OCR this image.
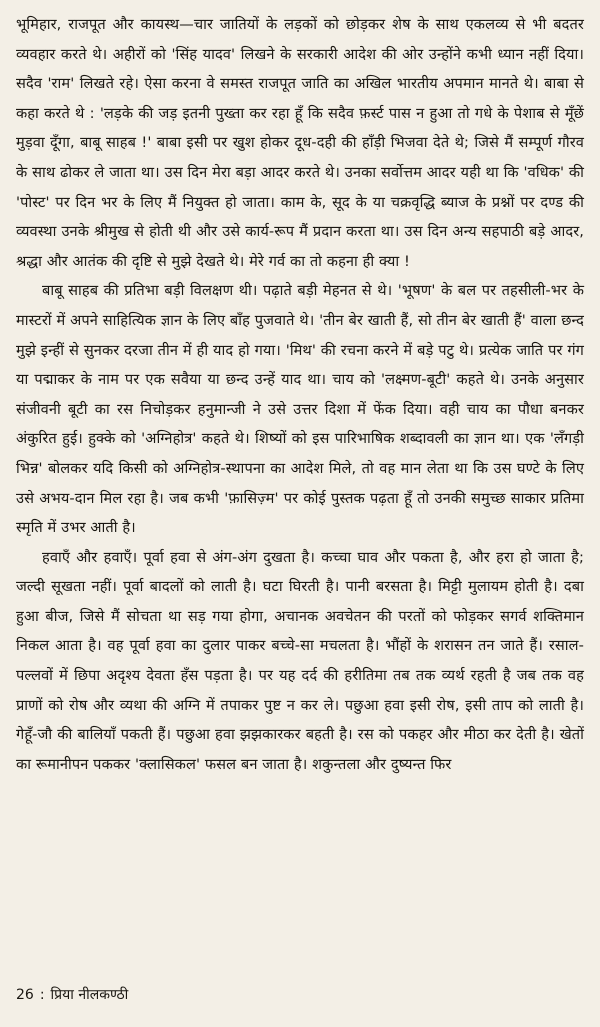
भूमिहार, राजपूत और कायस्थ—चार जातियों के लड़कों को छोड़कर शेष के साथ एकलव्य से भी बदतर व्यवहार करते थे। अहीरों को 'सिंह यादव' लिखने के सरकारी आदेश की ओर उन्होंने कभी ध्यान नहीं दिया। सदैव 'राम' लिखते रहे। ऐसा करना वे समस्त राजपूत जाति का अखिल भारतीय अपमान मानते थे। बाबा से कहा करते थे : 'लड़के की जड़ इतनी पुख्ता कर रहा हूँ कि सदैव फ़र्स्ट पास न हुआ तो गधे के पेशाब से मूँछें मुड़वा दूँगा, बाबू साहब !' बाबा इसी पर खुश होकर दूध-दही की हाँड़ी भिजवा देते थे; जिसे मैं सम्पूर्ण गौरव के साथ ढोकर ले जाता था। उस दिन मेरा बड़ा आदर करते थे। उनका सर्वोत्तम आदर यही था कि 'वधिक' की 'पोस्ट' पर दिन भर के लिए मैं नियुक्त हो जाता। काम के, सूद के या चक्रवृद्धि ब्याज के प्रश्नों पर दण्ड की व्यवस्था उनके श्रीमुख से होती थी और उसे कार्य-रूप मैं प्रदान करता था। उस दिन अन्य सहपाठी बड़े आदर, श्रद्धा और आतंक की दृष्टि से मुझे देखते थे। मेरे गर्व का तो कहना ही क्या !

बाबू साहब की प्रतिभा बड़ी विलक्षण थी। पढ़ाते बड़ी मेहनत से थे। 'भूषण' के बल पर तहसीली-भर के मास्टरों में अपने साहित्यिक ज्ञान के लिए बाँह पुजवाते थे। 'तीन बेर खाती हैं, सो तीन बेर खाती हैं' वाला छन्द मुझे इन्हीं से सुनकर दरजा तीन में ही याद हो गया। 'मिथ' की रचना करने में बड़े पटु थे। प्रत्येक जाति पर गंग या पद्माकर के नाम पर एक सवैया या छन्द उन्हें याद था। चाय को 'लक्ष्मण-बूटी' कहते थे। उनके अनुसार संजीवनी बूटी का रस निचोड़कर हनुमान्जी ने उसे उत्तर दिशा में फेंक दिया। वही चाय का पौधा बनकर अंकुरित हुई। हुक्के को 'अग्निहोत्र' कहते थे। शिष्यों को इस पारिभाषिक शब्दावली का ज्ञान था। एक 'लँगड़ी भिन्न' बोलकर यदि किसी को अग्निहोत्र-स्थापना का आदेश मिले, तो वह मान लेता था कि उस घण्टे के लिए उसे अभय-दान मिल रहा है। जब कभी 'फ़ासिज़्म' पर कोई पुस्तक पढ़ता हूँ तो उनकी समुच्छ साकार प्रतिमा स्मृति में उभर आती है।

हवाएँ और हवाएँ। पूर्वा हवा से अंग-अंग दुखता है। कच्चा घाव और पकता है, और हरा हो जाता है; जल्दी सूखता नहीं। पूर्वा बादलों को लाती है। घटा घिरती है। पानी बरसता है। मिट्टी मुलायम होती है। दबा हुआ बीज, जिसे मैं सोचता था सड़ गया होगा, अचानक अवचेतन की परतों को फोड़कर सगर्व शक्तिमान निकल आता है। वह पूर्वा हवा का दुलार पाकर बच्चे-सा मचलता है। भौंहों के शरासन तन जाते हैं। रसाल-पल्लवों में छिपा अदृश्य देवता हँस पड़ता है। पर यह दर्द की हरीतिमा तब तक व्यर्थ रहती है जब तक वह प्राणों को रोष और व्यथा की अग्नि में तपाकर पुष्ट न कर ले। पछुआ हवा इसी रोष, इसी ताप को लाती है। गेहूँ-जौ की बालियाँ पकती हैं। पछुआ हवा झझकारकर बहती है। रस को पकहर और मीठा कर देती है। खेतों का रूमानीपन पककर 'क्लासिकल' फसल बन जाता है। शकुन्तला और दुष्यन्त फिर

26 : प्रिया नीलकण्ठी
